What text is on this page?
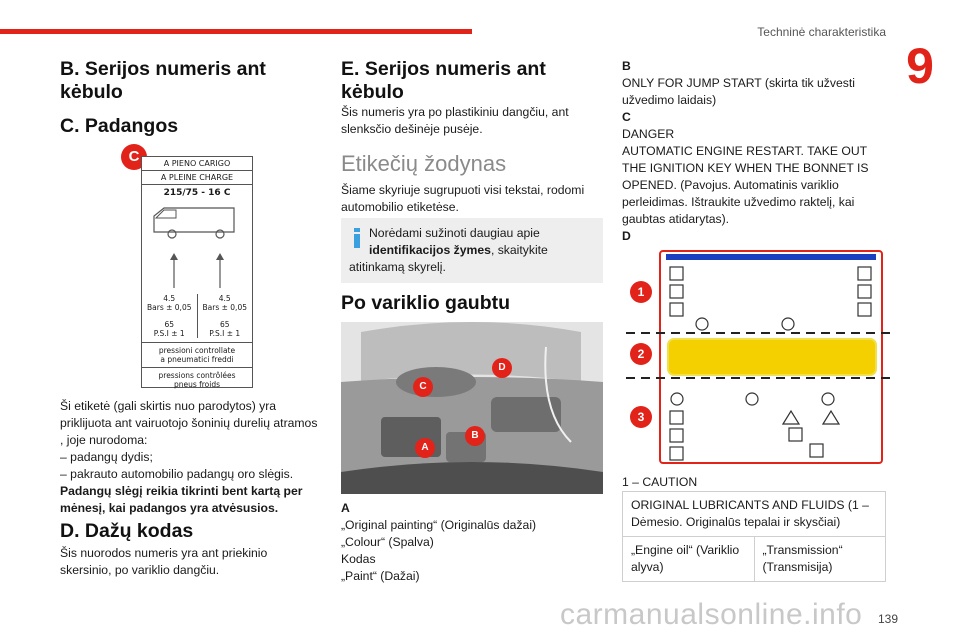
Techninė charakteristika
9
B. Serijos numeris ant kėbulo
C. Padangos
C	A PIENO CARIGO
A PLEINE CHARGE
215/75 - 16 C

4.5
Bars ± 0,05
65
P.S.I ± 1
4.5
Bars ± 0,05
65
P.S.I ± 1
pressioni controllate
a pneumatici freddi
pressions contrôlées
pneus froids

Ši etiketė (gali skirtis nuo parodytos) yra priklijuota ant vairuotojo šoninių durelių atramos , joje nurodoma:

– padangų dydis;

– pakrauto automobilio padangų oro slėgis.

Padangų slėgį reikia tikrinti bent kartą per mėnesį, kai padangos yra atvėsusios.

D. Dažų kodas

Šis nuorodos numeris yra ant priekinio skersinio, po variklio dangčiu.

E. Serijos numeris ant kėbulo

Šis numeris yra po plastikiniu dangčiu, ant slenksčio dešinėje pusėje.

Etikečių žodynas

Šiame skyriuje sugrupuoti visi tekstai, rodomi automobilio etiketėse.

Norėdami sužinoti daugiau apie identifikacijos žymes, skaitykite atitinkamą skyrelį.
Po variklio gaubtu
A
B
C
D

A

„Original painting“ (Originalūs dažai)

„Colour“ (Spalva)

Kodas

„Paint“ (Dažai)

B

ONLY FOR JUMP START (skirta tik užvesti užvedimo laidais)

C

DANGER

AUTOMATIC ENGINE RESTART. TAKE OUT THE IGNITION KEY WHEN THE BONNET IS OPENED. (Pavojus. Automatinis variklio perleidimas. Ištraukite užvedimo raktelį, kai gaubtas atidarytas).

D

1
2
3

1 – CAUTION

ORIGINAL LUBRICANTS AND FLUIDS (1 – Dėmesio. Originalūs tepalai ir skysčiai)
„Engine oil“ (Variklio alyva)	„Transmission“ (Transmisija)
carmanualsonline.info 139
